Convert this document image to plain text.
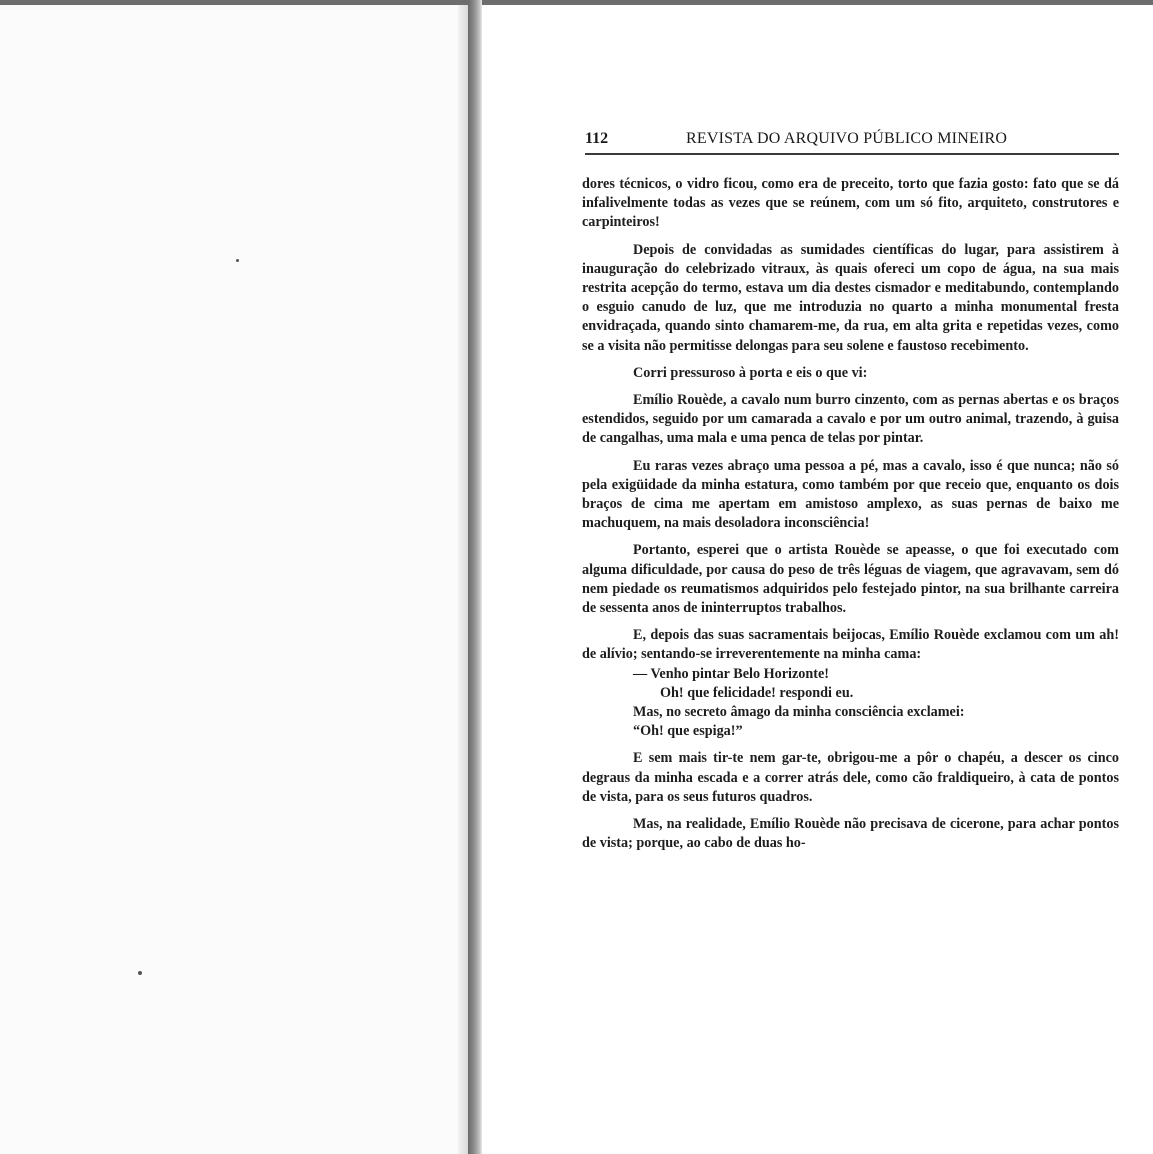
112	REVISTA DO ARQUIVO PÚBLICO MINEIRO

dores técnicos, o vidro ficou, como era de preceito, torto que fazia gosto: fato que se dá infalivelmente todas as vezes que se reúnem, com um só fito, arquiteto, construtores e carpinteiros!

Depois de convidadas as sumidades científicas do lugar, para assistirem à inauguração do celebrizado vitraux, às quais ofereci um copo de água, na sua mais restrita acepção do termo, estava um dia destes cismador e meditabundo, contemplando o esguio canudo de luz, que me introduzia no quarto a minha monumental fresta envidraçada, quando sinto chamarem-me, da rua, em alta grita e repetidas vezes, como se a visita não permitisse delongas para seu solene e faustoso recebimento.

Corri pressuroso à porta e eis o que vi:

Emílio Rouède, a cavalo num burro cinzento, com as pernas abertas e os braços estendidos, seguido por um camarada a cavalo e por um outro animal, trazendo, à guisa de cangalhas, uma mala e uma penca de telas por pintar.

Eu raras vezes abraço uma pessoa a pé, mas a cavalo, isso é que nunca; não só pela exigüidade da minha estatura, como também por que receio que, enquanto os dois braços de cima me apertam em amistoso amplexo, as suas pernas de baixo me machuquem, na mais desoladora inconsciência!

Portanto, esperei que o artista Rouède se apeasse, o que foi executado com alguma dificuldade, por causa do peso de três léguas de viagem, que agravavam, sem dó nem piedade os reumatismos adquiridos pelo festejado pintor, na sua brilhante carreira de sessenta anos de ininterruptos trabalhos.

E, depois das suas sacramentais beijocas, Emílio Rouède exclamou com um ah! de alívio; sentando-se irreverentemente na minha cama:

— Venho pintar Belo Horizonte!

Oh! que felicidade! respondi eu.

Mas, no secreto âmago da minha consciência exclamei:

“Oh! que espiga!”

E sem mais tir-te nem gar-te, obrigou-me a pôr o chapéu, a descer os cinco degraus da minha escada e a correr atrás dele, como cão fraldiqueiro, à cata de pontos de vista, para os seus futuros quadros.

Mas, na realidade, Emílio Rouède não precisava de cicerone, para achar pontos de vista; porque, ao cabo de duas ho-
